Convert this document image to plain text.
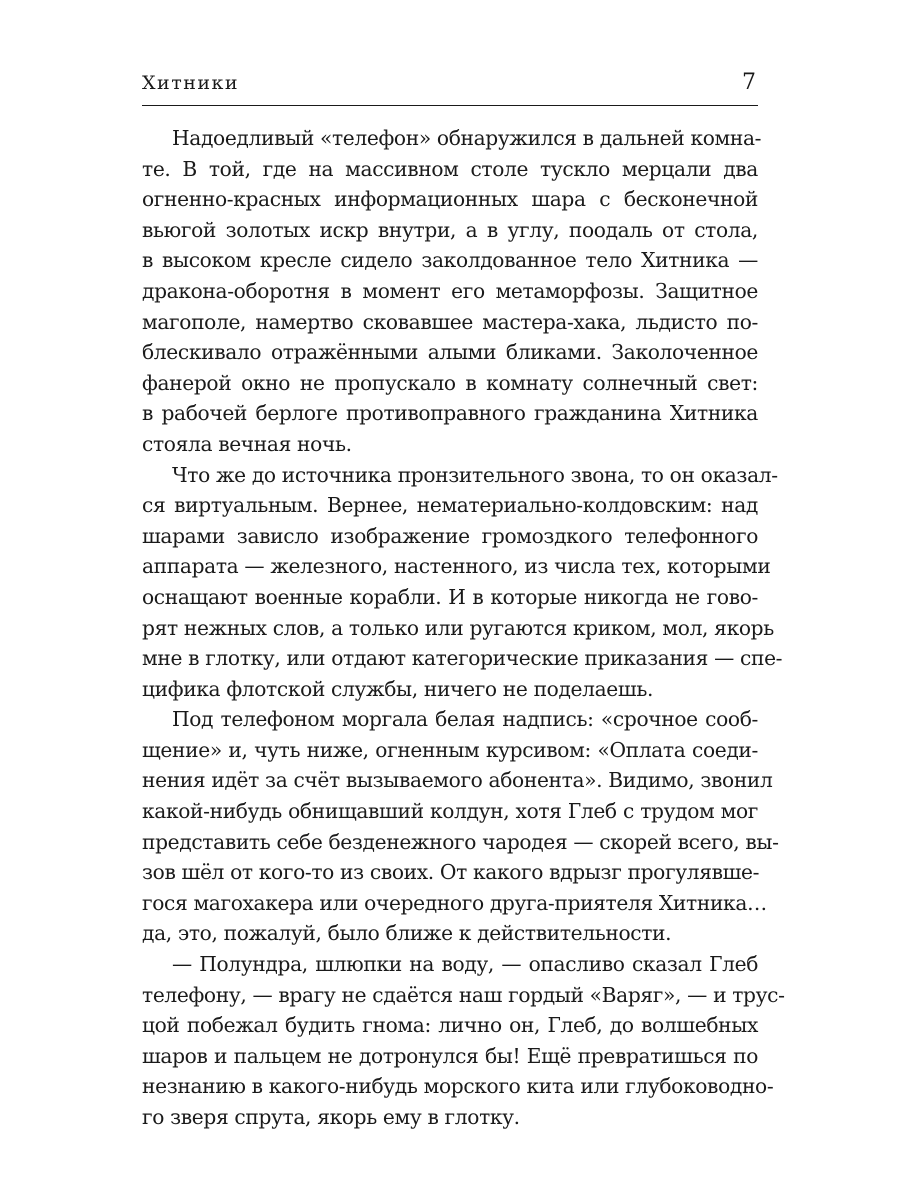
Хитники	7
Надоедливый «телефон» обнаружился в дальней комна-
те. В той, где на массивном столе тускло мерцали два
огненно-красных информационных шара с бесконечной
вьюгой золотых искр внутри, а в углу, поодаль от стола,
в высоком кресле сидело заколдованное тело Хитника —
дракона-оборотня в момент его метаморфозы. Защитное
магополе, намертво сковавшее мастера-хака, льдисто по-
блескивало отражёнными алыми бликами. Заколоченное
фанерой окно не пропускало в комнату солнечный свет:
в рабочей берлоге противоправного гражданина Хитника
стояла вечная ночь.
Что же до источника пронзительного звона, то он оказал-
ся виртуальным. Вернее, нематериально-колдовским: над
шарами зависло изображение громоздкого телефонного
аппарата — железного, настенного, из числа тех, которыми
оснащают военные корабли. И в которые никогда не гово-
рят нежных слов, а только или ругаются криком, мол, якорь
мне в глотку, или отдают категорические приказания — спе-
цифика флотской службы, ничего не поделаешь.
Под телефоном моргала белая надпись: «срочное сооб-
щение» и, чуть ниже, огненным курсивом: «Оплата соеди-
нения идёт за счёт вызываемого абонента». Видимо, звонил
какой-нибудь обнищавший колдун, хотя Глеб с трудом мог
представить себе безденежного чародея — скорей всего, вы-
зов шёл от кого-то из своих. От какого вдрызг прогулявше-
гося магохакера или очередного друга-приятеля Хитника…
да, это, пожалуй, было ближе к действительности.
— Полундра, шлюпки на воду, — опасливо сказал Глеб
телефону, — врагу не сдаётся наш гордый «Варяг», — и трус-
цой побежал будить гнома: лично он, Глеб, до волшебных
шаров и пальцем не дотронулся бы! Ещё превратишься по
незнанию в какого-нибудь морского кита или глубоководно-
го зверя спрута, якорь ему в глотку.
